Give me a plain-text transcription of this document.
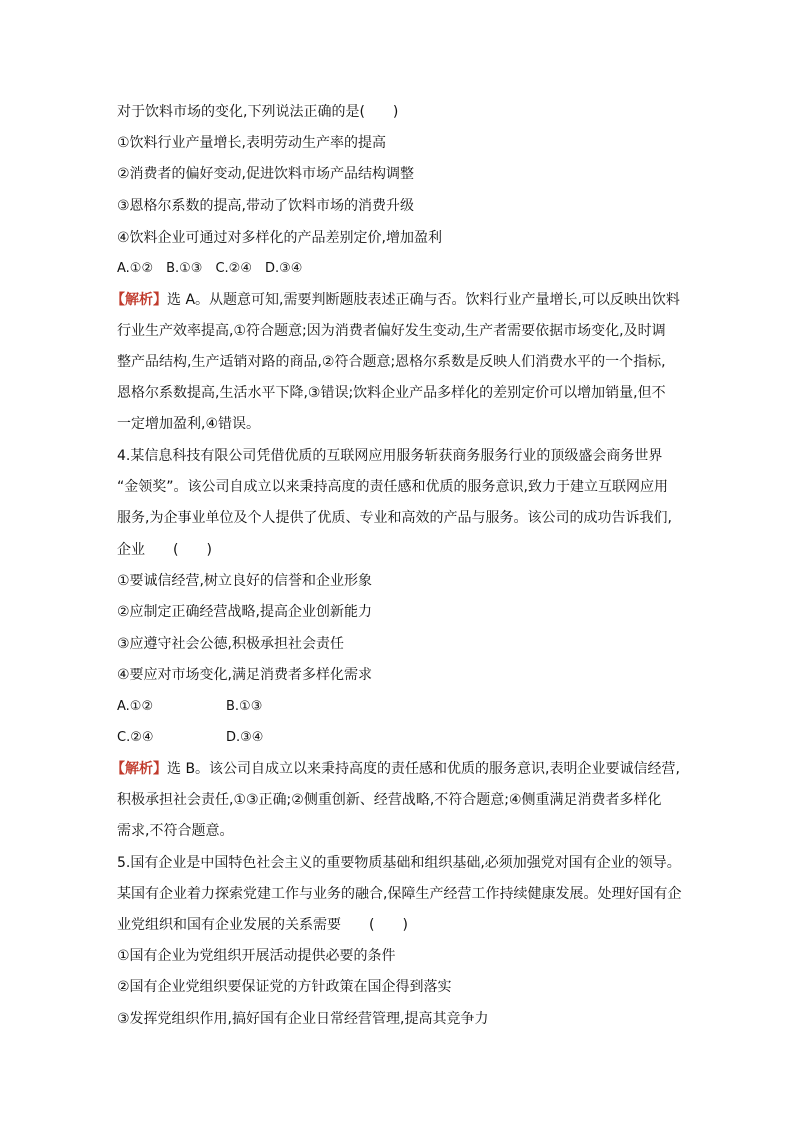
对于饮料市场的变化,下列说法正确的是(　　)
①饮料行业产量增长,表明劳动生产率的提高
②消费者的偏好变动,促进饮料市场产品结构调整
③恩格尔系数的提高,带动了饮料市场的消费升级
④饮料企业可通过对多样化的产品差别定价,增加盈利
A.①②　B.①③　C.②④　D.③④
【解析】选 A。从题意可知,需要判断题肢表述正确与否。饮料行业产量增长,可以反映出饮料
行业生产效率提高,①符合题意;因为消费者偏好发生变动,生产者需要依据市场变化,及时调
整产品结构,生产适销对路的商品,②符合题意;恩格尔系数是反映人们消费水平的一个指标,
恩格尔系数提高,生活水平下降,③错误;饮料企业产品多样化的差别定价可以增加销量,但不
一定增加盈利,④错误。
4.某信息科技有限公司凭借优质的互联网应用服务斩获商务服务行业的顶级盛会商务世界
“金领奖”。该公司自成立以来秉持高度的责任感和优质的服务意识,致力于建立互联网应用
服务,为企事业单位及个人提供了优质、专业和高效的产品与服务。该公司的成功告诉我们,
企业　　(　　)
①要诚信经营,树立良好的信誉和企业形象
②应制定正确经营战略,提高企业创新能力
③应遵守社会公德,积极承担社会责任
④要应对市场变化,满足消费者多样化需求
A.①②	B.①③
C.②④	D.③④
【解析】选 B。该公司自成立以来秉持高度的责任感和优质的服务意识,表明企业要诚信经营,
积极承担社会责任,①③正确;②侧重创新、经营战略,不符合题意;④侧重满足消费者多样化
需求,不符合题意。
5.国有企业是中国特色社会主义的重要物质基础和组织基础,必须加强党对国有企业的领导。
某国有企业着力探索党建工作与业务的融合,保障生产经营工作持续健康发展。处理好国有企
业党组织和国有企业发展的关系需要　　(　　)
①国有企业为党组织开展活动提供必要的条件
②国有企业党组织要保证党的方针政策在国企得到落实
③发挥党组织作用,搞好国有企业日常经营管理,提高其竞争力
